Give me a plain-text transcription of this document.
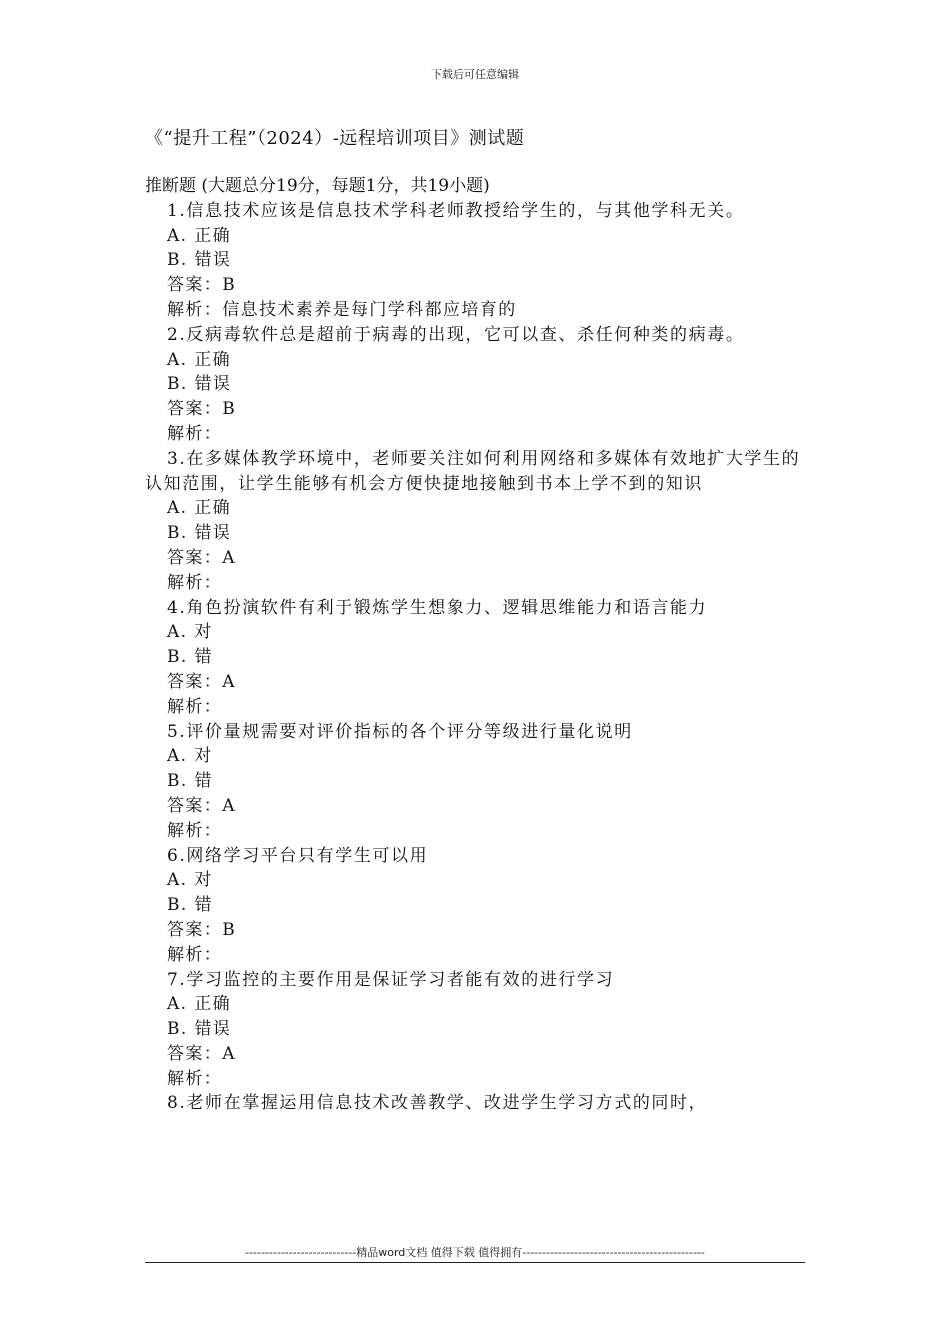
下载后可任意编辑
《“提升工程”（2024）-远程培训项目》测试题
推断题 (大题总分19分，每题1分，共19小题)
1.信息技术应该是信息技术学科老师教授给学生的，与其他学科无关。
A. 正确
B. 错误
答案：B
解析：信息技术素养是每门学科都应培育的
2.反病毒软件总是超前于病毒的出现，它可以查、杀任何种类的病毒。
A. 正确
B. 错误
答案：B
解析：
3.在多媒体教学环境中，老师要关注如何利用网络和多媒体有效地扩大学生的认知范围，让学生能够有机会方便快捷地接触到书本上学不到的知识
A. 正确
B. 错误
答案：A
解析：
4.角色扮演软件有利于锻炼学生想象力、逻辑思维能力和语言能力
A. 对
B. 错
答案：A
解析：
5.评价量规需要对评价指标的各个评分等级进行量化说明
A. 对
B. 错
答案：A
解析：
6.网络学习平台只有学生可以用
A. 对
B. 错
答案：B
解析：
7.学习监控的主要作用是保证学习者能有效的进行学习
A. 正确
B. 错误
答案：A
解析：
8.老师在掌握运用信息技术改善教学、改进学生学习方式的同时，
----------------------------精品word文档 值得下载 值得拥有----------------------------------------------
